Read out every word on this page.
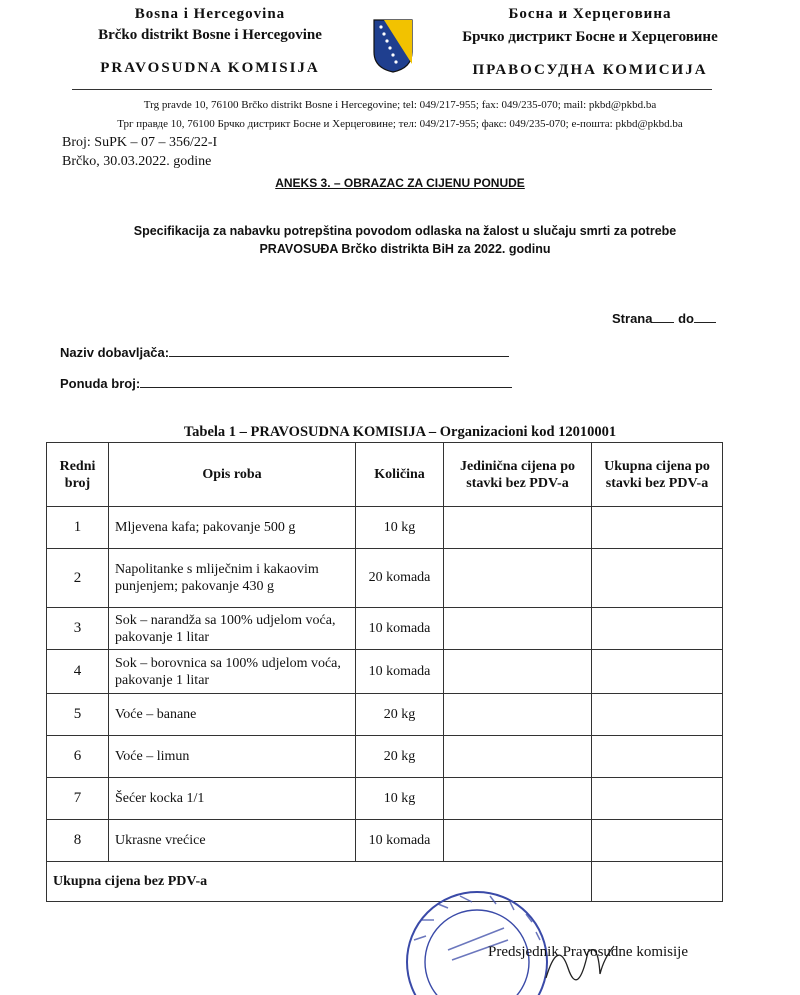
Bosna i Hercegovina
Brčko distrikt Bosne i Hercegovine
PRAVOSUDNA KOMISIJA
Босна и Херцеговина
Брчко дистрикт Босне и Херцеговине
ПРАВОСУДНА КОМИСИЈА
Trg pravde 10, 76100 Brčko distrikt Bosne i Hercegovine; tel: 049/217-955; fax: 049/235-070; mail: pkbd@pkbd.ba
Трг правде 10, 76100 Брчко дистрикт Босне и Херцеговине; тел: 049/217-955; факс: 049/235-070; е-пошта: pkbd@pkbd.ba
Broj: SuPK – 07 – 356/22-I
Brčko, 30.03.2022. godine
ANEKS 3. – OBRAZAC ZA CIJENU PONUDE
Specifikacija za nabavku potrepština povodom odlaska na žalost u slučaju smrti za potrebe
PRAVOSUĐA Brčko distrikta BiH za 2022. godinu
Strana do
Naziv dobavljača:
Ponuda broj:
Tabela 1 – PRAVOSUDNA KOMISIJA – Organizacioni kod 12010001
Redni broj	Opis roba	Količina	Jedinična cijena po stavki bez PDV-a	Ukupna cijena po stavki bez PDV-a
1	Mljevena kafa; pakovanje 500 g	10 kg		
2	Napolitanke s mliječnim i kakaovim punjenjem; pakovanje 430 g	20 komada		
3	Sok – narandža sa 100% udjelom voća, pakovanje 1 litar	10 komada		
4	Sok – borovnica sa 100% udjelom voća, pakovanje 1 litar	10 komada		
5	Voće – banane	20 kg		
6	Voće – limun	20 kg		
7	Šećer kocka 1/1	10 kg		
8	Ukrasne vrećice	10 komada		
Ukupna cijena bez PDV-a				
Predsjednik Pravosudne komisije
